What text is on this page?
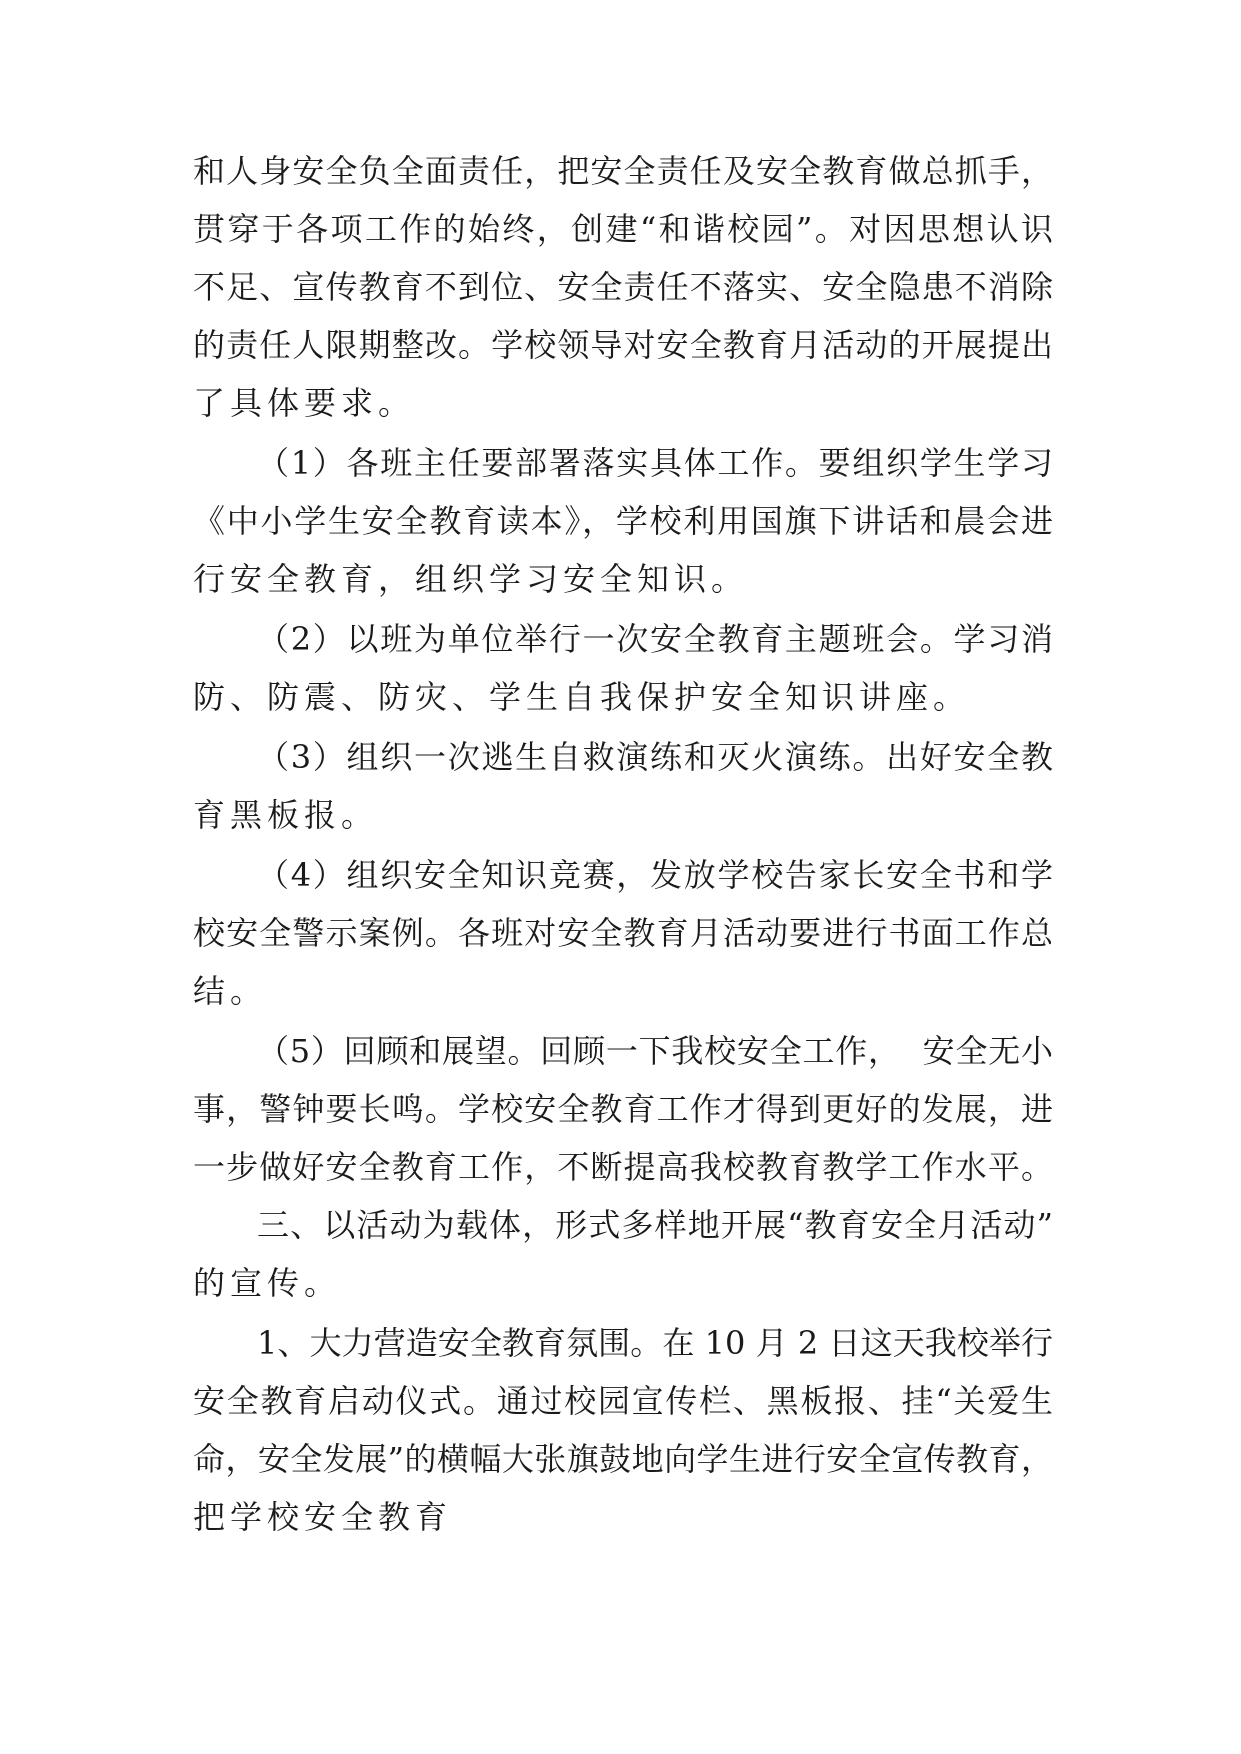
和人身安全负全面责任，把安全责任及安全教育做总抓手，
贯穿于各项工作的始终，创建“和谐校园”。对因思想认识
不足、宣传教育不到位、安全责任不落实、安全隐患不消除
的责任人限期整改。学校领导对安全教育月活动的开展提出
了具体要求。
（1）各班主任要部署落实具体工作。要组织学生学习
《中小学生安全教育读本》，学校利用国旗下讲话和晨会进
行安全教育，组织学习安全知识。
（2）以班为单位举行一次安全教育主题班会。学习消
防、防震、防灾、学生自我保护安全知识讲座。
（3）组织一次逃生自救演练和灭火演练。出好安全教
育黑板报。
（4）组织安全知识竞赛，发放学校告家长安全书和学
校安全警示案例。各班对安全教育月活动要进行书面工作总
结。
（5）回顾和展望。回顾一下我校安全工作，  安全无小
事，警钟要长鸣。学校安全教育工作才得到更好的发展，进
一步做好安全教育工作，不断提高我校教育教学工作水平。
三、以活动为载体，形式多样地开展“教育安全月活动”
的宣传。
1、大力营造安全教育氛围。在 10 月 2 日这天我校举行
安全教育启动仪式。通过校园宣传栏、黑板报、挂“关爱生
命，安全发展”的横幅大张旗鼓地向学生进行安全宣传教育，
把学校安全教育
